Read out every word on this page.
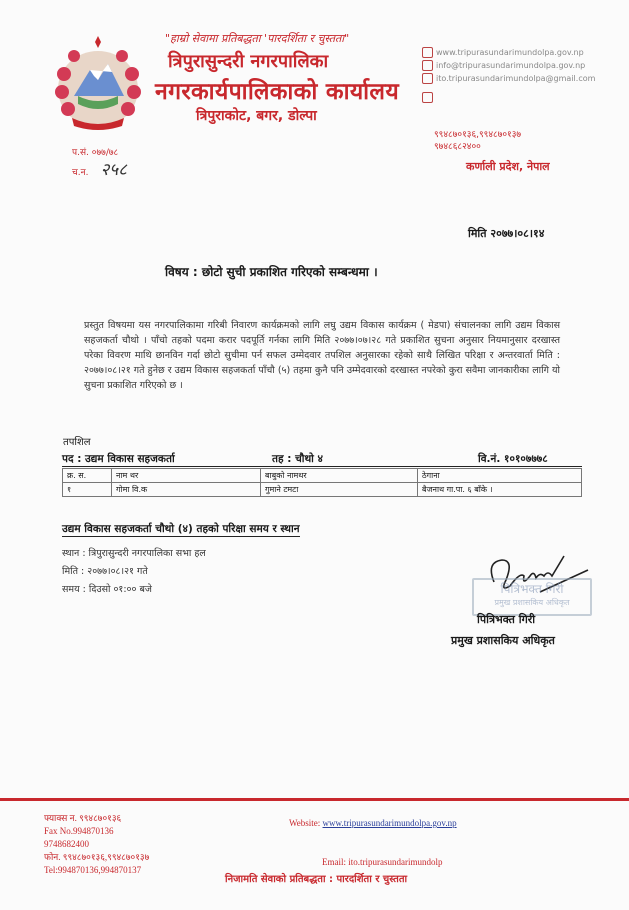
"हाम्रो सेवामा प्रतिबद्धता 'पारदर्शिता र चुस्तता"
त्रिपुरासुन्दरी नगरपालिका
नगरकार्यपालिकाको कार्यालय
त्रिपुराकोट, बगर, डोल्पा
www.tripurasundarimundolpa.gov.np
info@tripurasundarimundolpa.gov.np
ito.tripurasundarimundolpa@gmail.com
९९४८७०१३६,९९४८७०१३७
९७४८६८२४००
कर्णाली प्रदेश, नेपाल
प.सं. ०७७/७८
च.न. २५८
मिति २०७७।०८।१४
विषय : छोटो सुची प्रकाशित गरिएको सम्बन्धमा ।
प्रस्तुत विषयमा यस नगरपालिकामा गरिबी निवारण कार्यक्रमको लागि लघु उद्यम विकास कार्यक्रम ( मेडपा) संचालनका लागि उद्यम विकास सहजकर्ता चौथो । पाँचो तहको पदमा करार पदपूर्ति गर्नका लागि मिति २०७७।०७।२८ गते प्रकाशित सुचना अनुसार नियमानुसार दरखास्त परेका विवरण माथि छानविन गर्दा छोटो सुचीमा पर्न सफल उम्मेदवार तपशिल अनुसारका रहेको साथै लिखित परिक्षा र अन्तरवार्ता मिति : २०७७।०८।२१ गते हुनेछ र उद्यम विकास सहजकर्ता पाँचौ (५) तहमा कुनै पनि उम्मेदवारको दरखास्त नपरेको कुरा सवैमा जानकारीका लागि यो सुचना प्रकाशित गरिएको छ ।
तपशिल
पद : उद्यम विकास सहजकर्ता	तह : चौथो ४	वि.नं. १०१०७७७८
क्र. स.	नाम थर	बाबुको नामथर	ठेगाना
१	गोमा वि.क	गुमाने टमटा	बैजनाथ गा.पा. ६ बाँके ।
उद्यम विकास सहजकर्ता चौथो (४) तहको परिक्षा समय र स्थान
स्थान : त्रिपुरासुन्दरी नगरपालिका सभा हल
मिति : २०७७।०८।२१ गते
समय : दिउसो ०१:०० बजे	पित्रिभक्त गिरी
प्रमुख प्रशासकिय अधिकृत
पित्रिभक्त गिरी
प्रमुख प्रशासकिय अधिकृत
फ्याक्स न. ९९४८७०१३६
Fax No.994870136
9748682400
फोन. ९९४८७०१३६,९९४८७०१३७
Tel:994870136,994870137
Website: www.tripurasundarimundolpa.gov.np
Email: ito.tripurasundarimundolp
निजामति सेवाको प्रतिबद्धता : पारदर्शिता र चुस्तता
